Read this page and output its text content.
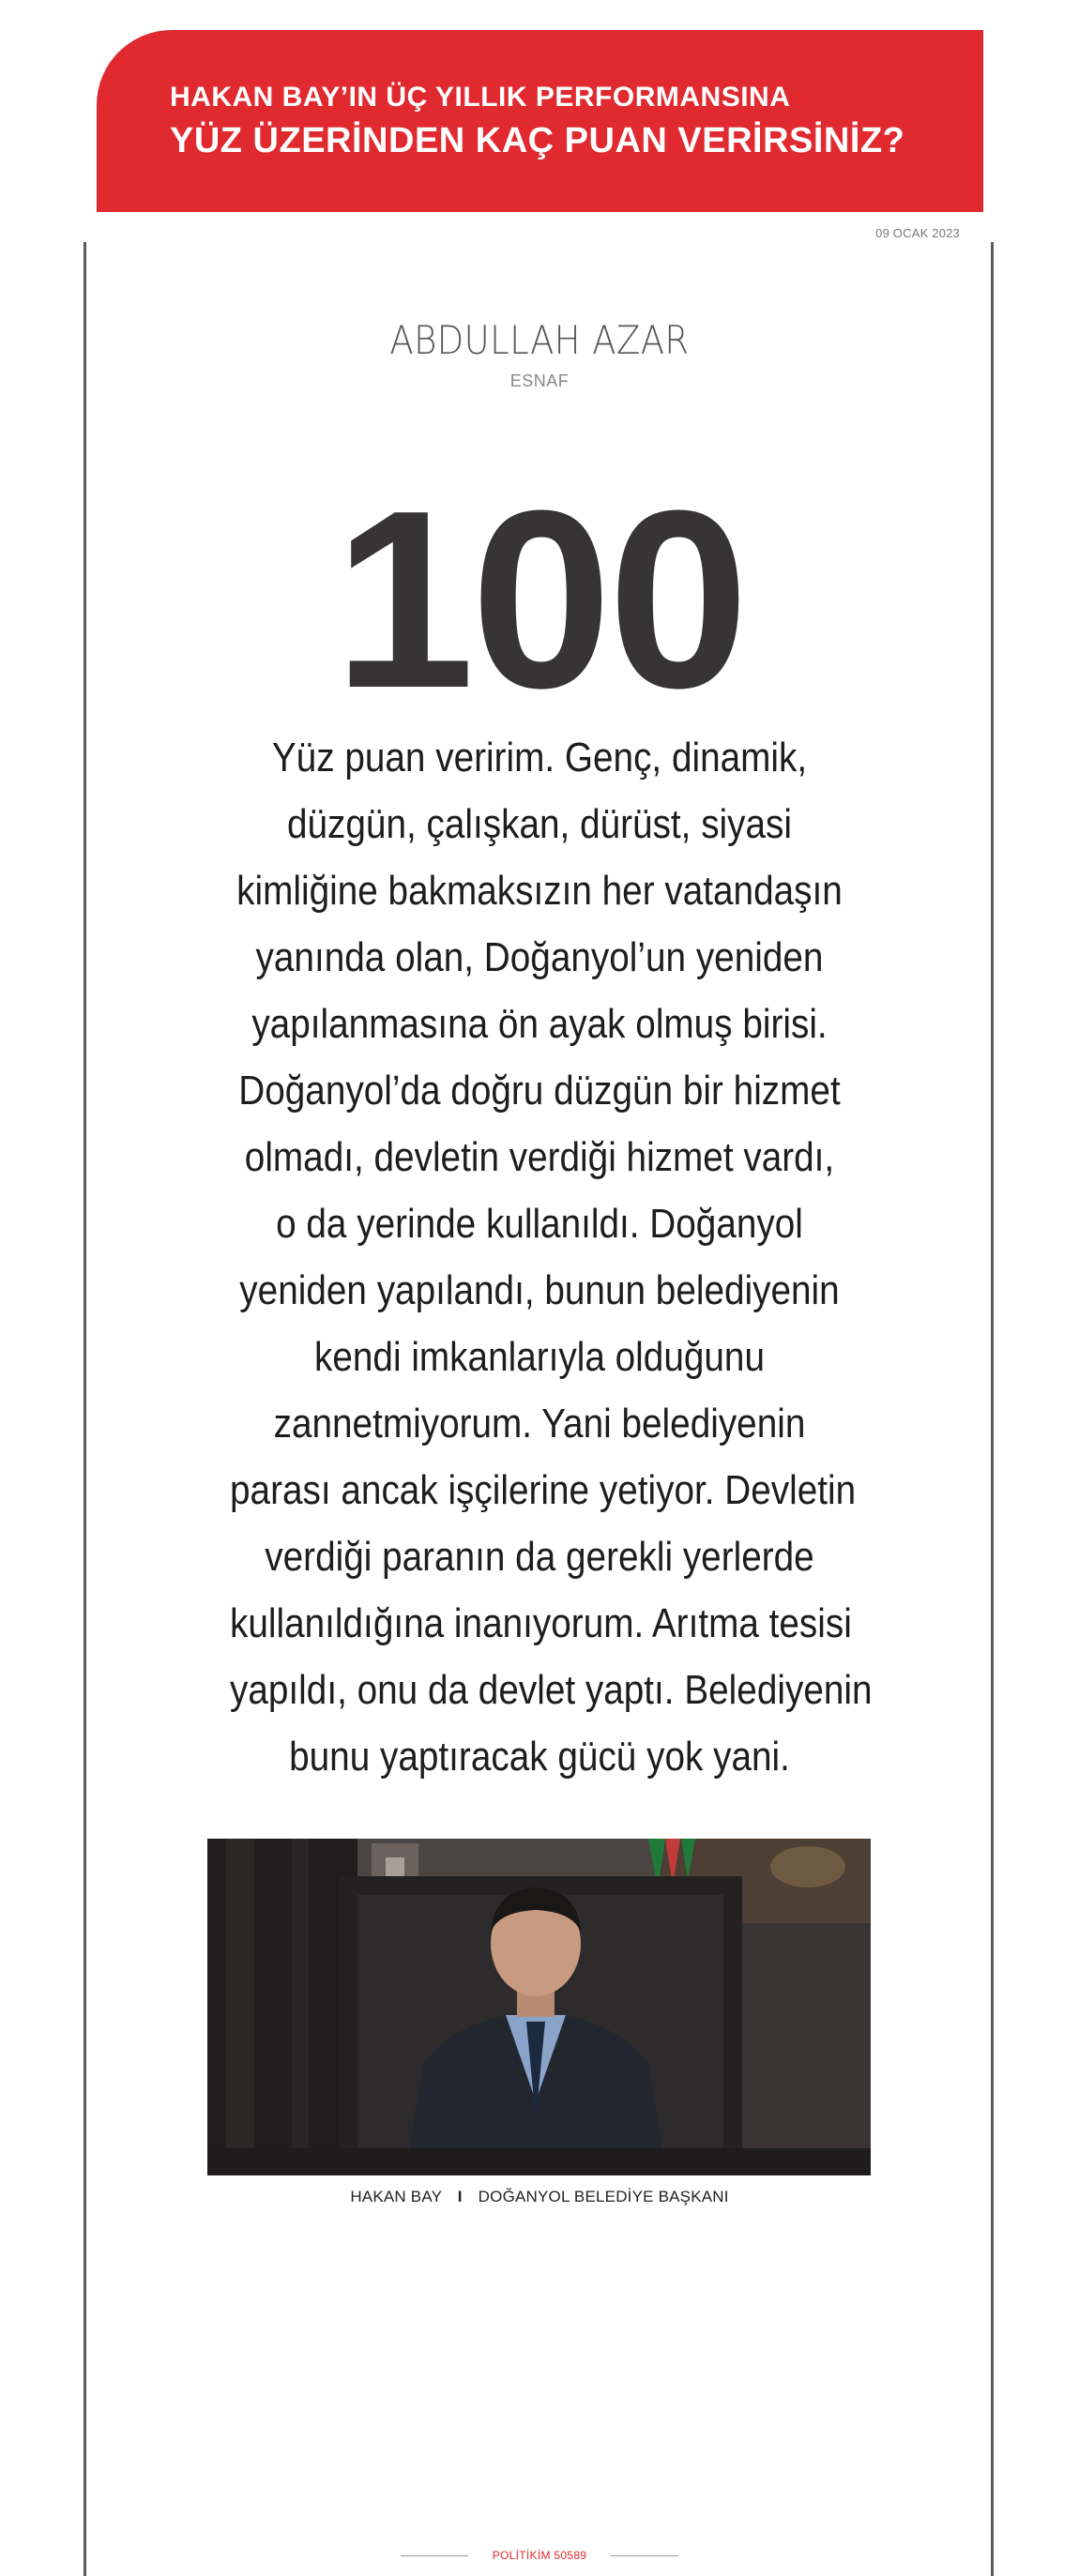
HAKAN BAY’IN ÜÇ YILLIK PERFORMANSINA

YÜZ ÜZERİNDEN KAÇ PUAN VERİRSİNİZ?

09 OCAK 2023
ABDULLAH AZAR
ESNAF
100
Yüz puan veririm. Genç, dinamik,
düzgün, çalışkan, dürüst, siyasi
kimliğine bakmaksızın her vatandaşın
yanında olan, Doğanyol’un yeniden
yapılanmasına ön ayak olmuş birisi.
Doğanyol’da doğru düzgün bir hizmet
olmadı, devletin verdiği hizmet vardı,
o da yerinde kullanıldı. Doğanyol
yeniden yapılandı, bunun belediyenin
kendi imkanlarıyla olduğunu
zannetmiyorum. Yani belediyenin
parası ancak işçilerine yetiyor. Devletin
verdiği paranın da gerekli yerlerde
kullanıldığına inanıyorum. Arıtma tesisi
yapıldı, onu da devlet yaptı. Belediyenin
bunu yaptıracak gücü yok yani.
HAKAN BAY I DOĞANYOL BELEDİYE BAŞKANI
POLİTİKİM 50589
